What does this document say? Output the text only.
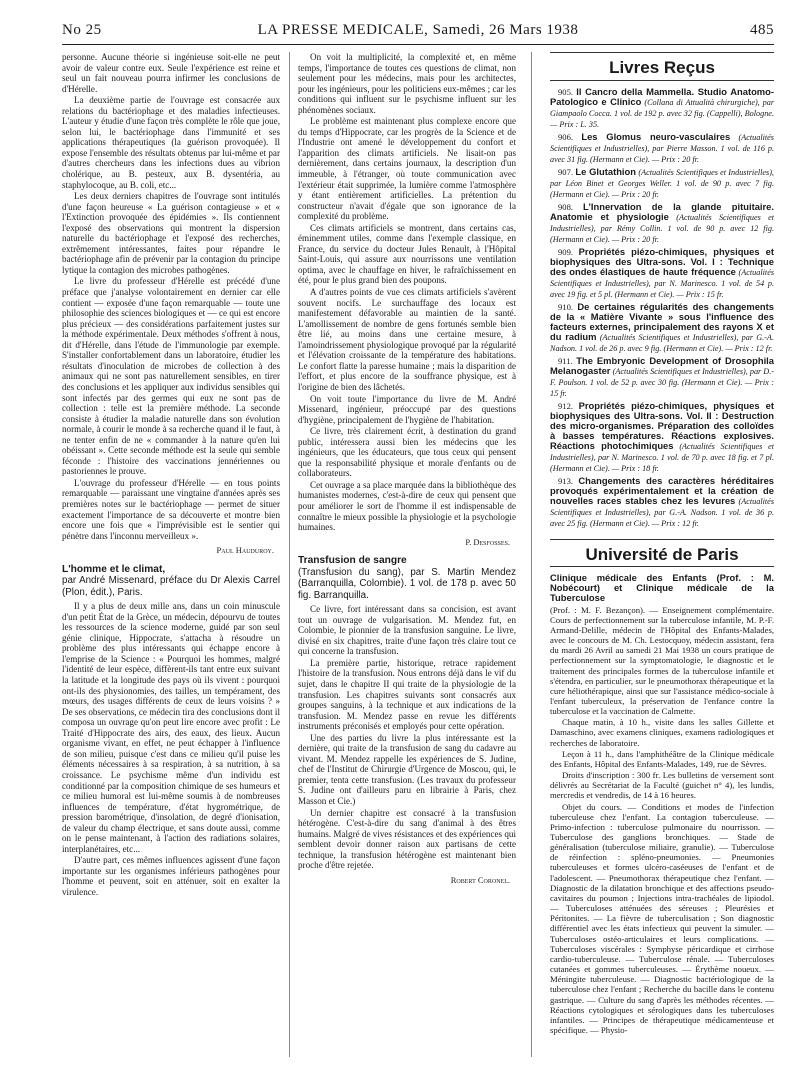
No 25	LA PRESSE MEDICALE, Samedi, 26 Mars 1938	485

personne. Aucune théorie si ingénieuse soit-elle ne peut avoir de valeur contre eux. Seule l'expérience est reine et seul un fait nouveau pourra infirmer les conclusions de d'Hérelle.

La deuxième partie de l'ouvrage est consacrée aux relations du bactériophage et des maladies infectieuses. L'auteur y étudie d'une façon très complète le rôle que joue, selon lui, le bactériophage dans l'immunité et ses applications thérapeutiques (la guérison provoquée). Il expose l'ensemble des résultats obtenus par lui-même et par d'autres chercheurs dans les infections dues au vibrion cholérique, au B. pesteux, aux B. dysentéria, au staphylocoque, au B. coli, etc...

Les deux derniers chapitres de l'ouvrage sont intitulés d'une façon heureuse « La guérison contagieuse » et « l'Extinction provoquée des épidémies ». Ils contiennent l'exposé des observations qui montrent la dispersion naturelle du bactériophage et l'exposé des recherches, extrêmement intéressantes, faites pour répandre le bactériophage afin de prévenir par la contagion du principe lytique la contagion des microbes pathogènes.

Le livre du professeur d'Hérelle est précédé d'une préface que j'analyse volontairement en dernier car elle contient — exposée d'une façon remarquable — toute une philosophie des sciences biologiques et — ce qui est encore plus précieux — des considérations parfaitement justes sur la méthode expérimentale. Deux méthodes s'offrent à nous, dit d'Hérelle, dans l'étude de l'immunologie par exemple. S'installer confortablement dans un laboratoire, étudier les résultats d'inoculation de microbes de collection à des animaux qui ne sont pas naturellement sensibles, en tirer des conclusions et les appliquer aux individus sensibles qui sont infectés par des germes qui eux ne sont pas de collection : telle est la première méthode. La seconde consiste à étudier la maladie naturelle dans son évolution normale, à courir le monde à sa recherche quand il le faut, à ne tenter enfin de ne « commander à la nature qu'en lui obéissant ». Cette seconde méthode est la seule qui semble féconde : l'histoire des vaccinations jennériennes ou pastoriennes le prouve.

L'ouvrage du professeur d'Hérelle — en tous points remarquable — paraissant une vingtaine d'années après ses premières notes sur le bactériophage — permet de situer exactement l'importance de sa découverte et montre bien encore une fois que « l'imprévisible est le sentier qui pénètre dans l'inconnu merveilleux ».

Paul Hauduroy.
L'homme et le climat,
par André Missenard, préface du Dr Alexis Carrel (Plon, édit.), Paris.

Il y a plus de deux mille ans, dans un coin minuscule d'un petit État de la Grèce, un médecin, dépourvu de toutes les ressources de la science moderne, guidé par son seul génie clinique, Hippocrate, s'attacha à résoudre un problème des plus intéressants qui échappe encore à l'emprise de la Science : « Pourquoi les hommes, malgré l'identité de leur espèce, diffèrent-ils tant entre eux suivant la latitude et la longitude des pays où ils vivent : pourquoi ont-ils des physionomies, des tailles, un tempérament, des mœurs, des usages différents de ceux de leurs voisins ? » De ses observations, ce médecin tira des conclusions dont il composa un ouvrage qu'on peut lire encore avec profit : Le Traité d'Hippocrate des airs, des eaux, des lieux. Aucun organisme vivant, en effet, ne peut échapper à l'influence de son milieu, puisque c'est dans ce milieu qu'il puise les éléments nécessaires à sa respiration, à sa nutrition, à sa croissance. Le psychisme même d'un individu est conditionné par la composition chimique de ses humeurs et ce milieu humoral est lui-même soumis à de nombreuses influences de température, d'état hygrométrique, de pression barométrique, d'insolation, de degré d'ionisation, de valeur du champ électrique, et sans doute aussi, comme on le pense maintenant, à l'action des radiations solaires, interplanétaires, etc...

D'autre part, ces mêmes influences agissent d'une façon importante sur les organismes inférieurs pathogènes pour l'homme et peuvent, soit en atténuer, soit en exalter la virulence.

On voit la multiplicité, la complexité et, en même temps, l'importance de toutes ces questions de climat, non seulement pour les médecins, mais pour les architectes, pour les ingénieurs, pour les politiciens eux-mêmes ; car les conditions qui influent sur le psychisme influent sur les phénomènes sociaux.

Le problème est maintenant plus complexe encore que du temps d'Hippocrate, car les progrès de la Science et de l'Industrie ont amené le développement du confort et l'apparition des climats artificiels. Ne lisait-on pas dernièrement, dans certains journaux, la description d'un immeuble, à l'étranger, où toute communication avec l'extérieur était supprimée, la lumière comme l'atmosphère y étant entièrement artificielles. La prétention du constructeur n'avait d'égale que son ignorance de la complexité du problème.

Ces climats artificiels se montrent, dans certains cas, éminemment utiles, comme dans l'exemple classique, en France, du service du docteur Jules Renault, à l'Hôpital Saint-Louis, qui assure aux nourrissons une ventilation optima, avec le chauffage en hiver, le rafraîchissement en été, pour le plus grand bien des poupons.

A d'autres points de vue ces climats artificiels s'avèrent souvent nocifs. Le surchauffage des locaux est manifestement défavorable au maintien de la santé. L'amollissement de nombre de gens fortunés semble bien être lié, au moins dans une certaine mesure, à l'amoindrissement physiologique provoqué par la régularité et l'élévation croissante de la température des habitations. Le confort flatte la paresse humaine ; mais la disparition de l'effort, et plus encore de la souffrance physique, est à l'origine de bien des lâchetés.

On voit toute l'importance du livre de M. André Missenard, ingénieur, préoccupé par des questions d'hygiène, principalement de l'hygiène de l'habitation.

Ce livre, très clairement écrit, à destination du grand public, intéressera aussi bien les médecins que les ingénieurs, que les éducateurs, que tous ceux qui pensent que la responsabilité physique et morale d'enfants ou de collaborateurs.

Cet ouvrage a sa place marquée dans la bibliothèque des humanistes modernes, c'est-à-dire de ceux qui pensent que pour améliorer le sort de l'homme il est indispensable de connaître le mieux possible la physiologie et la psychologie humaines.

P. Desfosses.
Transfusion de sangre
(Transfusion du sang), par S. Martin Mendez (Barranquilla, Colombie). 1 vol. de 178 p. avec 50 fig. Barranquilla.

Ce livre, fort intéressant dans sa concision, est avant tout un ouvrage de vulgarisation. M. Mendez fut, en Colombie, le pionnier de la transfusion sanguine. Le livre, divisé en six chapitres, traite d'une façon très claire tout ce qui concerne la transfusion.

La première partie, historique, retrace rapidement l'histoire de la transfusion. Nous entrons déjà dans le vif du sujet, dans le chapitre II qui traite de la physiologie de la transfusion. Les chapitres suivants sont consacrés aux groupes sanguins, à la technique et aux indications de la transfusion. M. Mendez passe en revue les différents instruments préconisés et employés pour cette opération.

Une des parties du livre la plus intéressante est la dernière, qui traite de la transfusion de sang du cadavre au vivant. M. Mendez rappelle les expériences de S. Judine, chef de l'Institut de Chirurgie d'Urgence de Moscou, qui, le premier, tenta cette transfusion. (Les travaux du professeur S. Judine ont d'ailleurs paru en librairie à Paris, chez Masson et Cie.)

Un dernier chapitre est consacré à la transfusion hétérogène. C'est-à-dire du sang d'animal à des êtres humains. Malgré de vives résistances et des expériences qui semblent devoir donner raison aux partisans de cette technique, la transfusion hétérogène est maintenant bien proche d'être rejetée.

Robert Coronel.
Livres Reçus

905. Il Cancro della Mammella. Studio Anatomo-Patologico e Clinico (Collana di Attualità chirurgiche), par Giampaolo Cocca. 1 vol. de 192 p. avec 32 fig. (Cappelli), Bologne. — Prix : L. 35.

906. Les Glomus neuro-vasculaires (Actualités Scientifiques et Industrielles), par Pierre Masson. 1 vol. de 116 p. avec 31 fig. (Hermann et Cie). — Prix : 20 fr.

907. Le Glutathion (Actualités Scientifiques et Industrielles), par Léon Binet et Georges Weller. 1 vol. de 90 p. avec 7 fig. (Hermann et Cie). — Prix : 20 fr.

908. L'Innervation de la glande pituitaire. Anatomie et physiologie (Actualités Scientifiques et Industrielles), par Rémy Collin. 1 vol. de 90 p. avec 12 fig. (Hermann et Cie). — Prix : 20 fr.

909. Propriétés piézo-chimiques, physiques et biophysiques des Ultra-sons. Vol. I : Technique des ondes élastiques de haute fréquence (Actualités Scientifiques et Industrielles), par N. Marinesco. 1 vol. de 54 p. avec 19 fig. et 5 pl. (Hermann et Cie). — Prix : 15 fr.

910. De certaines régularités des changements de la « Matière Vivante » sous l'influence des facteurs externes, principalement des rayons X et du radium (Actualités Scientifiques et Industrielles), par G.-A. Nadson. 1 vol. de 26 p. avec 9 fig. (Hermann et Cie). — Prix : 12 fr.

911. The Embryonic Development of Drosophila Melanogaster (Actualités Scientifiques et Industrielles), par D.-F. Poulson. 1 vol. de 52 p. avec 30 fig. (Hermann et Cie). — Prix : 15 fr.

912. Propriétés piézo-chimiques, physiques et biophysiques des Ultra-sons. Vol. II : Destruction des micro-organismes. Préparation des colloïdes à basses températures. Réactions explosives. Réactions photochimiques (Actualités Scientifiques et Industrielles), par N. Marinesco. 1 vol. de 70 p. avec 18 fig. et 7 pl. (Hermann et Cie). — Prix : 18 fr.

913. Changements des caractères héréditaires provoqués expérimentalement et la création de nouvelles races stables chez les levures (Actualités Scientifiques et Industrielles), par G.-A. Nadson. 1 vol. de 36 p. avec 25 fig. (Hermann et Cie). — Prix : 12 fr.

Université de Paris

Clinique médicale des Enfants (Prof. : M. Nobécourt) et Clinique médicale de la Tuberculose

(Prof. : M. F. Bezançon). — Enseignement complémentaire. Cours de perfectionnement sur la tuberculose infantile, M. P.-F. Armand-Delille, médecin de l'Hôpital des Enfants-Malades, avec le concours de M. Ch. Lestocquoy, médecin assistant, fera du mardi 26 Avril au samedi 21 Mai 1938 un cours pratique de perfectionnement sur la symptomatologie, le diagnostic et le traitement des principales formes de la tuberculose infantile et s'étendra, en particulier, sur le pneumothorax thérapeutique et la cure héliothérapique, ainsi que sur l'assistance médico-sociale à l'enfant tuberculeux, la préservation de l'enfance contre la tuberculose et la vaccination de Calmette.

Chaque matin, à 10 h., visite dans les salles Gillette et Damaschino, avec examens cliniques, examens radiologiques et recherches de laboratoire.

Leçon à 11 h., dans l'amphithéâtre de la Clinique médicale des Enfants, Hôpital des Enfants-Malades, 149, rue de Sèvres.

Droits d'inscription : 300 fr. Les bulletins de versement sont délivrés au Secrétariat de la Faculté (guichet n° 4), les lundis, mercredis et vendredis, de 14 à 16 heures.

Objet du cours. — Conditions et modes de l'infection tuberculeuse chez l'enfant. La contagion tuberculeuse. — Primo-infection : tuberculose pulmonaire du nourrisson. — Tuberculose des ganglions bronchiques. — Stade de généralisation (tuberculose miliaire, granulie). — Tuberculose de réinfection : spléno-pneumonies. — Pneumonies tuberculeuses et formes ulcéro-caséeuses de l'enfant et de l'adolescent. — Pneumothorax thérapeutique chez l'enfant. — Diagnostic de la dilatation bronchique et des affections pseudo-cavitaires du poumon ; Injections intra-trachéales de lipiodol. — Tuberculoses atténuées des séreuses ; Pleurésies et Péritonites. — La fièvre de tuberculisation ; Son diagnostic différentiel avec les états infectieux qui peuvent la simuler. — Tuberculoses ostéo-articulaires et leurs complications. — Tuberculoses viscérales : Symphyse péricardique et cirrhose cardio-tuberculeuse. — Tuberculose rénale. — Tuberculoses cutanées et gommes tuberculeuses. — Érythème noueux. — Méningite tuberculeuse. — Diagnostic bactériologique de la tuberculose chez l'enfant ; Recherche du bacille dans le contenu gastrique. — Culture du sang d'après les méthodes récentes. — Réactions cytologiques et sérologiques dans les tuberculoses infantiles. — Principes de thérapeutique médicamenteuse et spécifique. — Physio-
